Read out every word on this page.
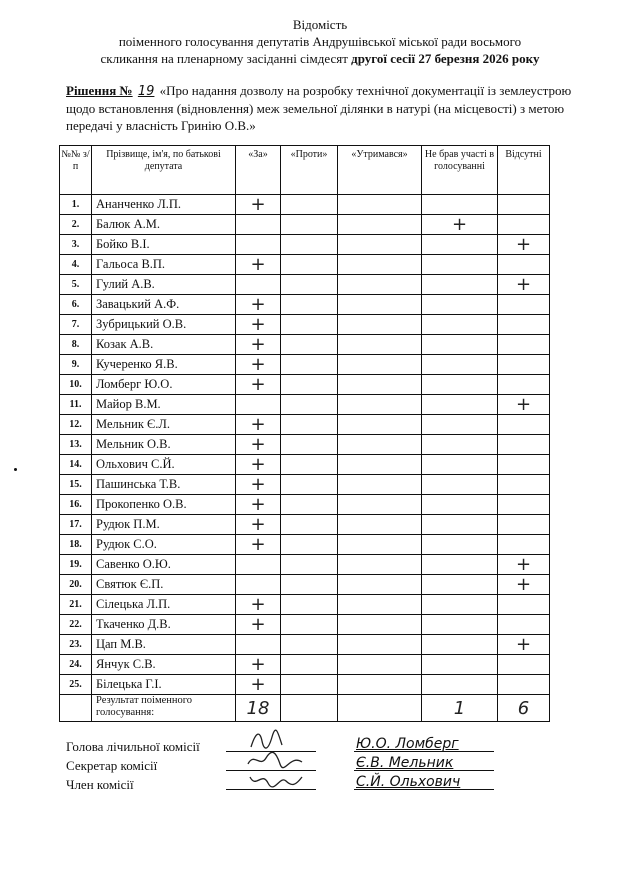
Відомість
поіменного голосування депутатів Андрушівської міської ради восьмого
скликання на пленарному засіданні сімдесят другої сесії 27 березня 2026 року
Рішення № 19 «Про надання дозволу на розробку технічної документації із землеустрою щодо встановлення (відновлення) меж земельної ділянки в натурі (на місцевості) з метою передачі у власність Гринію О.В.»
№№ з/п	Прізвище, ім'я, по батькові депутата	«За»	«Проти»	«Утримався»	Не брав участі в голосуванні	Відсутні
1.	Ананченко Л.П.	+				
2.	Балюк А.М.				+	
3.	Бойко В.І.					+
4.	Гальоса В.П.	+				
5.	Гулий А.В.					+
6.	Завацький А.Ф.	+				
7.	Зубрицький О.В.	+				
8.	Козак А.В.	+				
9.	Кучеренко Я.В.	+				
10.	Ломберг Ю.О.	+				
11.	Майор В.М.					+
12.	Мельник Є.Л.	+				
13.	Мельник О.В.	+				
14.	Ольхович С.Й.	+				
15.	Пашинська Т.В.	+				
16.	Прокопенко О.В.	+				
17.	Рудюк П.М.	+				
18.	Рудюк С.О.	+				
19.	Савенко О.Ю.					+
20.	Святюк Є.П.					+
21.	Сілецька Л.П.	+				
22.	Ткаченко Д.В.	+				
23.	Цап М.В.					+
24.	Янчук С.В.	+				
25.	Білецька Г.І.	+				
	Результат поіменного голосування:	18			1	6
Голова лічильної комісії	Ю.О. Ломберг
Секретар комісії	Є.В. Мельник
Член комісії	С.Й. Ольхович
